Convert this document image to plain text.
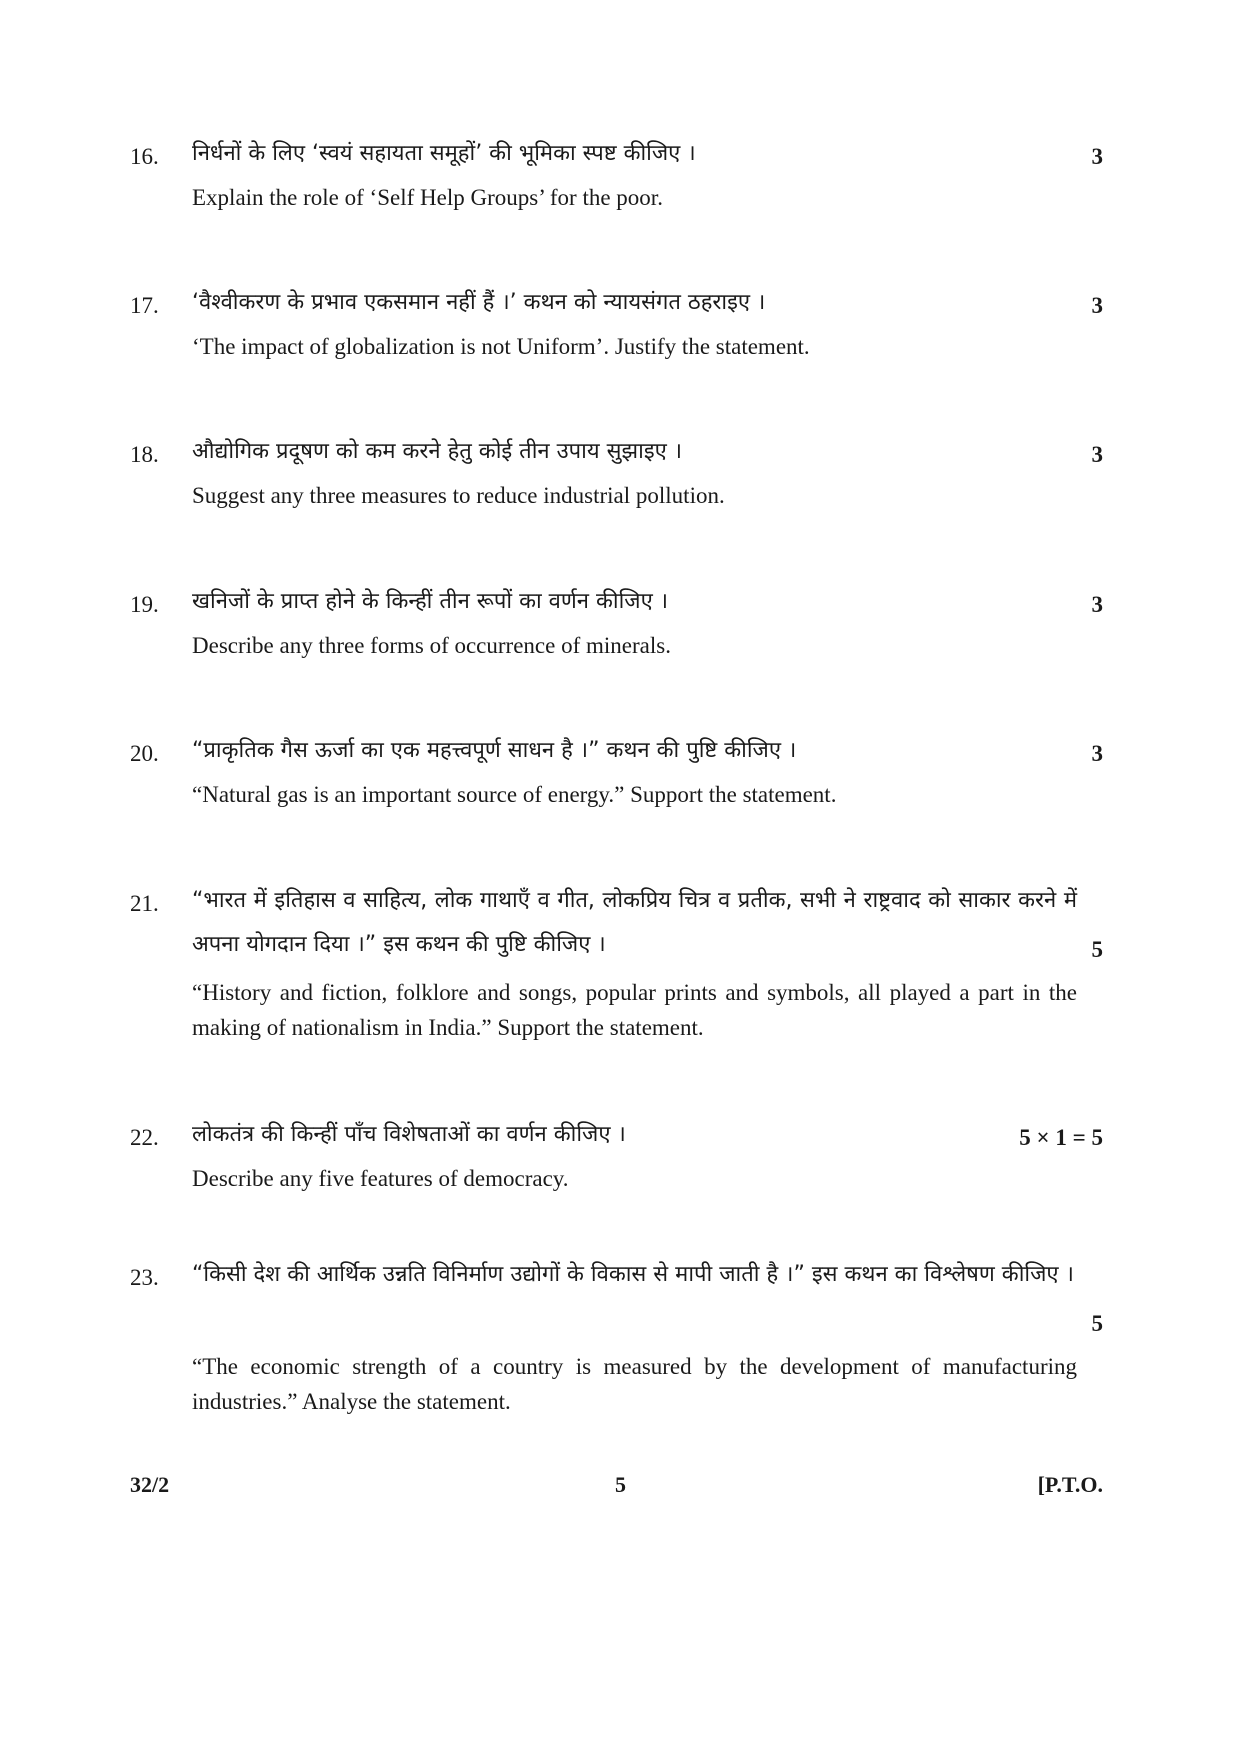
16. निर्धनों के लिए ‘स्वयं सहायता समूहों’ की भूमिका स्पष्ट कीजिए ।	3
Explain the role of ‘Self Help Groups’ for the poor.
17. ‘वैश्वीकरण के प्रभाव एकसमान नहीं हैं ।’ कथन को न्यायसंगत ठहराइए ।	3
‘The impact of globalization is not Uniform’. Justify the statement.
18. औद्योगिक प्रदूषण को कम करने हेतु कोई तीन उपाय सुझाइए ।	3
Suggest any three measures to reduce industrial pollution.
19. खनिजों के प्राप्त होने के किन्हीं तीन रूपों का वर्णन कीजिए ।	3
Describe any three forms of occurrence of minerals.
20. “प्राकृतिक गैस ऊर्जा का एक महत्त्वपूर्ण साधन है ।” कथन की पुष्टि कीजिए ।	3
“Natural gas is an important source of energy.” Support the statement.
21. “भारत में इतिहास व साहित्य, लोक गाथाएँ व गीत, लोकप्रिय चित्र व प्रतीक, सभी ने राष्ट्रवाद को साकार करने में अपना योगदान दिया ।” इस कथन की पुष्टि कीजिए ।	5
“History and fiction, folklore and songs, popular prints and symbols, all played a part in the making of nationalism in India.” Support the statement.
22. लोकतंत्र की किन्हीं पाँच विशेषताओं का वर्णन कीजिए ।	5 × 1 = 5
Describe any five features of democracy.
23. “किसी देश की आर्थिक उन्नति विनिर्माण उद्योगों के विकास से मापी जाती है ।” इस कथन का विश्लेषण कीजिए ।
5
“The economic strength of a country is measured by the development of manufacturing industries.” Analyse the statement.
32/2	5	[P.T.O.
